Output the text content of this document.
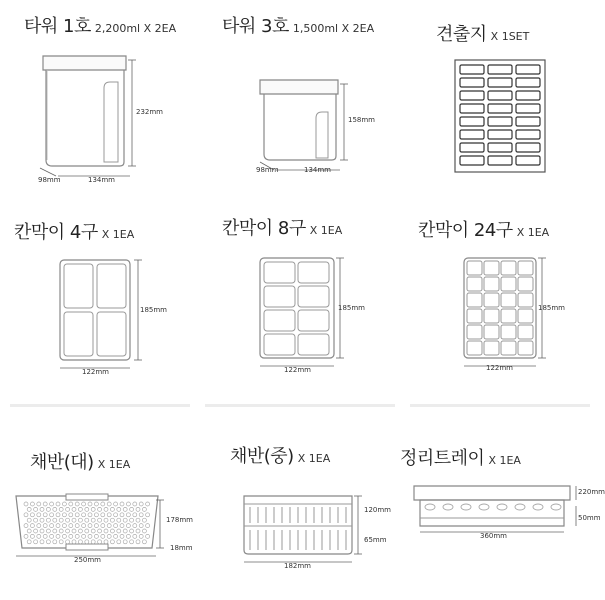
타워 1호 2,200ml X 2EA
232mm
98mm	134mm
타워 3호 1,500ml X 2EA
158mm
98mm	134mm
견출지 X 1SET
칸막이 4구 X 1EA
185mm
122mm
칸막이 8구 X 1EA
185mm
122mm
칸막이 24구 X 1EA
185mm
122mm
채반(대) X 1EA
178mm
18mm
250mm
채반(중) X 1EA
120mm
65mm
182mm
정리트레이 X 1EA
220mm
50mm
360mm
